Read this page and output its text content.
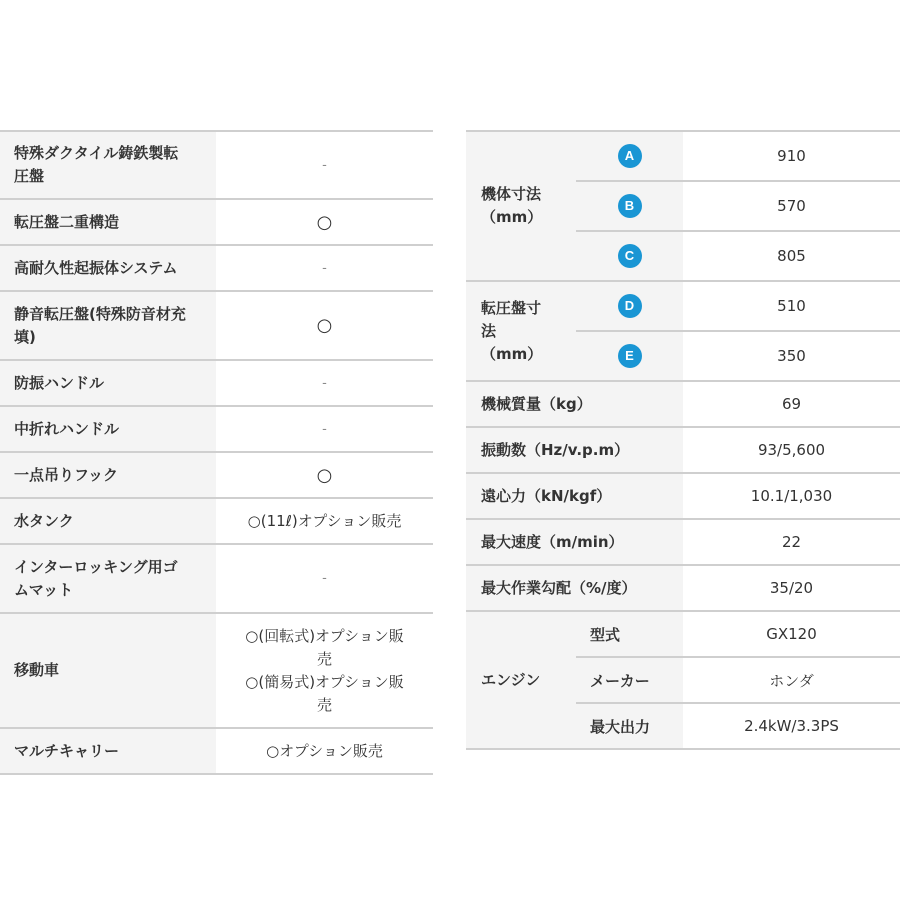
特殊ダクタイル鋳鉄製転
圧盤	-
転圧盤二重構造	○
高耐久性起振体システム	-
静音転圧盤(特殊防音材充
填)	○
防振ハンドル	-
中折れハンドル	-
一点吊りフック	○
水タンク	○(11ℓ)オプション販売
インターロッキング用ゴ
ムマット	-
移動車	○(回転式)オプション販
売
○(簡易式)オプション販
売
マルチキャリー	○オプション販売
機体寸法
（mm）	A	910
	B	570
	C	805
転圧盤寸
法
（mm）	D	510
	E	350
機械質量（kg）		69
振動数（Hz/v.p.m）		93/5,600
遠心力（kN/kgf）		10.1/1,030
最大速度（m/min）		22
最大作業勾配（%/度）		35/20
エンジン	型式	GX120
	メーカー	ホンダ
	最大出力	2.4kW/3.3PS
